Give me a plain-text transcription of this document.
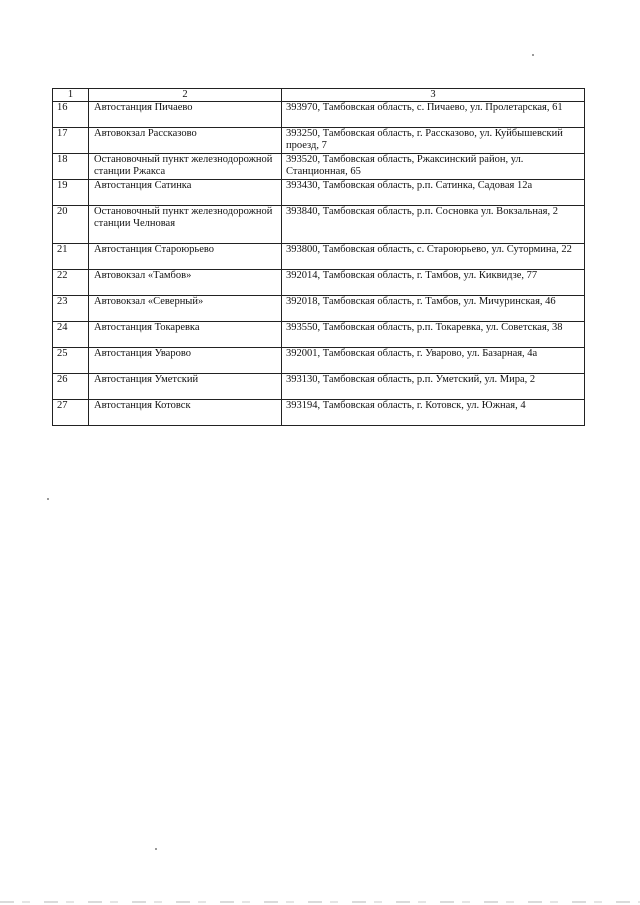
1	2	3
16	Автостанция Пичаево	393970, Тамбовская область, с. Пичаево, ул. Пролетарская, 61
17	Автовокзал Рассказово	393250, Тамбовская область, г. Рассказово, ул. Куйбышевский проезд, 7
18	Остановочный пункт железнодорожной станции Ржакса	393520, Тамбовская область, Ржаксинский район, ул. Станционная, 65
19	Автостанция Сатинка	393430, Тамбовская область, р.п. Сатинка, Садовая 12а
20	Остановочный пункт железнодорожной станции Челновая	393840, Тамбовская область, р.п. Сосновка ул. Вокзальная, 2
21	Автостанция Староюрьево	393800, Тамбовская область, с. Староюрьево, ул. Сутормина, 22
22	Автовокзал «Тамбов»	392014, Тамбовская область, г. Тамбов, ул. Киквидзе, 77
23	Автовокзал «Северный»	392018, Тамбовская область, г. Тамбов, ул. Мичуринская, 46
24	Автостанция Токаревка	393550, Тамбовская область, р.п. Токаревка, ул. Советская, 38
25	Автостанция Уварово	392001, Тамбовская область, г. Уварово, ул. Базарная, 4а
26	Автостанция Уметский	393130, Тамбовская область, р.п. Уметский, ул. Мира, 2
27	Автостанция Котовск	393194, Тамбовская область, г. Котовск, ул. Южная, 4
